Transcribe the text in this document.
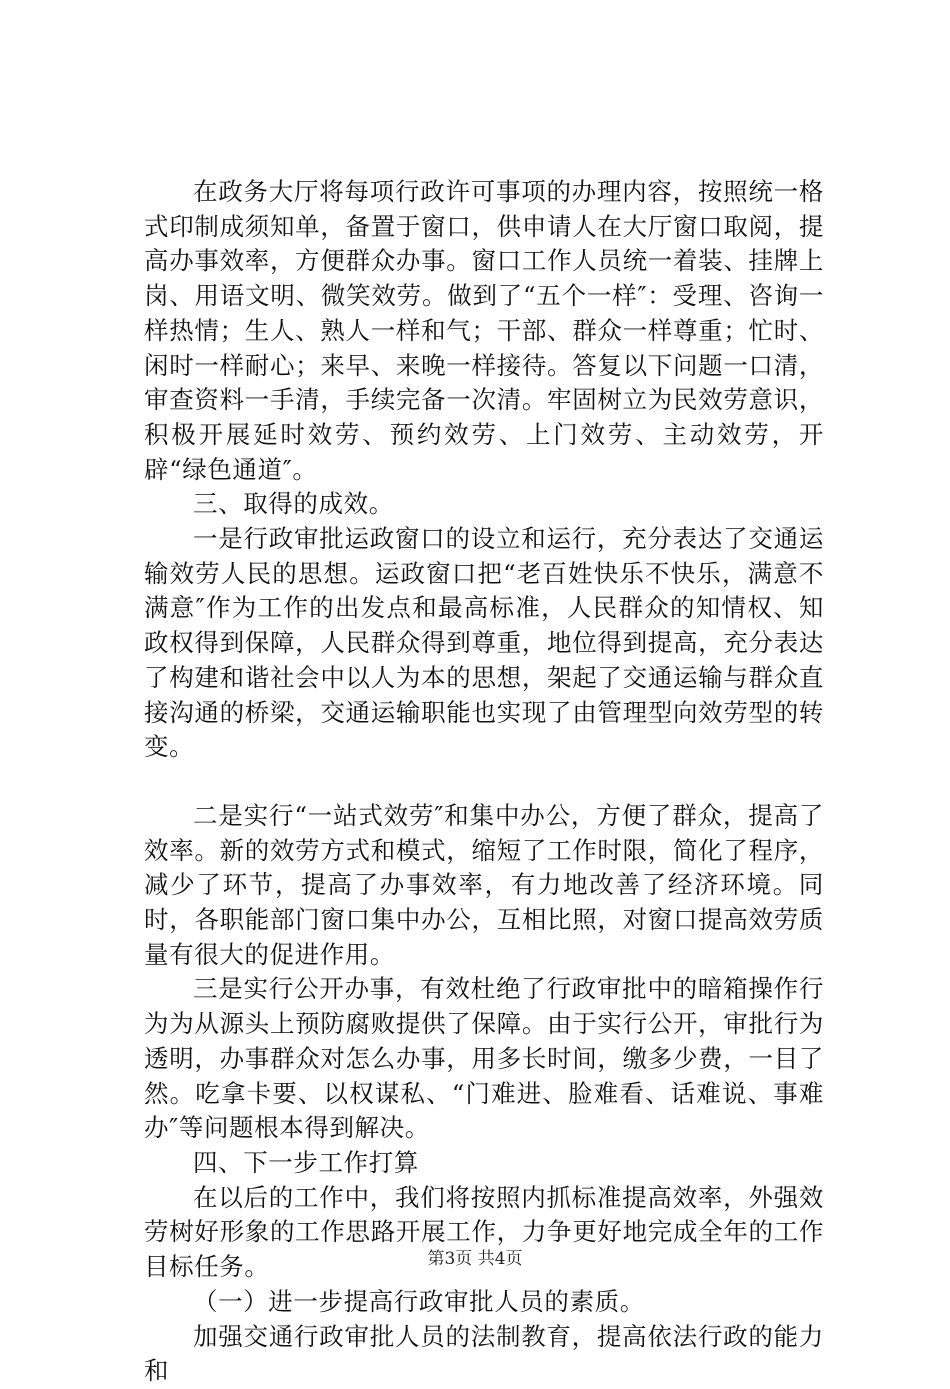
在政务大厅将每项行政许可事项的办理内容，按照统一格式印制成须知单，备置于窗口，供申请人在大厅窗口取阅，提高办事效率，方便群众办事。窗口工作人员统一着装、挂牌上岗、用语文明、微笑效劳。做到了“五个一样″：受理、咨询一样热情；生人、熟人一样和气；干部、群众一样尊重；忙时、闲时一样耐心；来早、来晚一样接待。答复以下问题一口清，审查资料一手清，手续完备一次清。牢固树立为民效劳意识，积极开展延时效劳、预约效劳、上门效劳、主动效劳，开辟“绿色通道″。

三、取得的成效。

一是行政审批运政窗口的设立和运行，充分表达了交通运输效劳人民的思想。运政窗口把“老百姓快乐不快乐，满意不满意″作为工作的出发点和最高标准，人民群众的知情权、知政权得到保障，人民群众得到尊重，地位得到提高，充分表达了构建和谐社会中以人为本的思想，架起了交通运输与群众直接沟通的桥梁，交通运输职能也实现了由管理型向效劳型的转变。

二是实行“一站式效劳″和集中办公，方便了群众，提高了效率。新的效劳方式和模式，缩短了工作时限，简化了程序，减少了环节，提高了办事效率，有力地改善了经济环境。同时，各职能部门窗口集中办公，互相比照，对窗口提高效劳质量有很大的促进作用。

三是实行公开办事，有效杜绝了行政审批中的暗箱操作行为为从源头上预防腐败提供了保障。由于实行公开，审批行为透明，办事群众对怎么办事，用多长时间，缴多少费，一目了然。吃拿卡要、以权谋私、“门难进、脸难看、话难说、事难办″等问题根本得到解决。

四、下一步工作打算

在以后的工作中，我们将按照内抓标准提高效率，外强效劳树好形象的工作思路开展工作，力争更好地完成全年的工作目标任务。

（一）进一步提高行政审批人员的素质。

加强交通行政审批人员的法制教育，提高依法行政的能力和

第3页 共4页
